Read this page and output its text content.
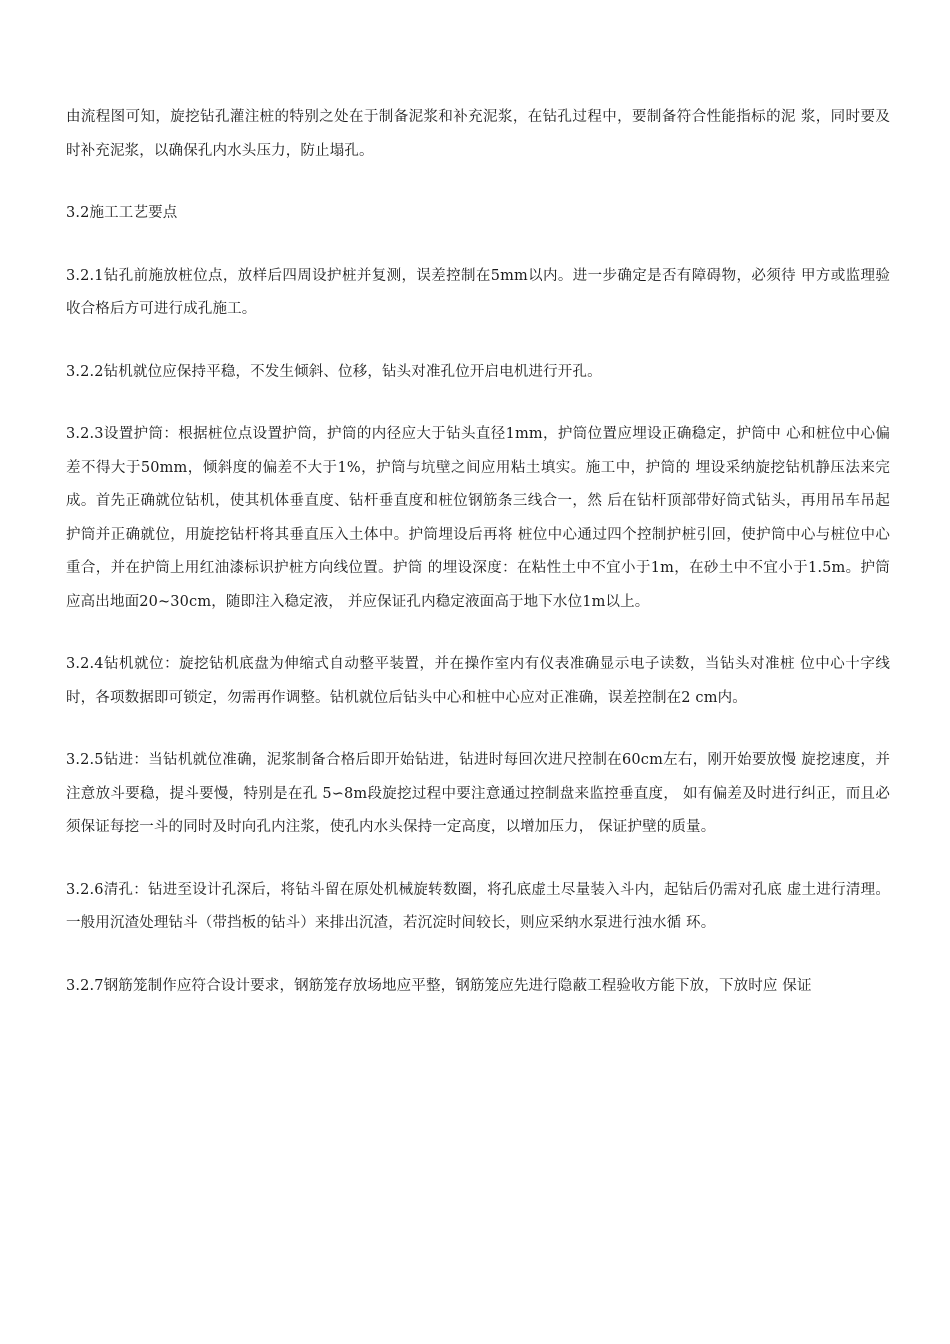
由流程图可知，旋挖钻孔灌注桩的特别之处在于制备泥浆和补充泥浆，在钻孔过程中，要制备符合性能指标的泥 浆，同时要及时补充泥浆，以确保孔内水头压力，防止塌孔。

3.2施工工艺要点

3.2.1钻孔前施放桩位点，放样后四周设护桩并复测，误差控制在5mm以内。进一步确定是否有障碍物，必须待 甲方或监理验收合格后方可进行成孔施工。

3.2.2钻机就位应保持平稳，不发生倾斜、位移，钻头对准孔位开启电机进行开孔。

3.2.3设置护筒：根据桩位点设置护筒，护筒的内径应大于钻头直径1mm，护筒位置应埋设正确稳定，护筒中 心和桩位中心偏差不得大于50mm，倾斜度的偏差不大于1%，护筒与坑壁之间应用粘土填实。施工中，护筒的 埋设采纳旋挖钻机静压法来完成。首先正确就位钻机，使其机体垂直度、钻杆垂直度和桩位钢筋条三线合一，然 后在钻杆顶部带好筒式钻头，再用吊车吊起护筒并正确就位，用旋挖钻杆将其垂直压入土体中。护筒埋设后再将 桩位中心通过四个控制护桩引回，使护筒中心与桩位中心重合，并在护筒上用红油漆标识护桩方向线位置。护筒 的埋设深度：在粘性土中不宜小于1m，在砂土中不宜小于1.5m。护筒应高出地面20~30cm，随即注入稳定液， 并应保证孔内稳定液面高于地下水位1m以上。

3.2.4钻机就位：旋挖钻机底盘为伸缩式自动整平装置，并在操作室内有仪表准确显示电子读数，当钻头对准桩 位中心十字线时，各项数据即可锁定，勿需再作调整。钻机就位后钻头中心和桩中心应对正准确，误差控制在2 cm内。

3.2.5钻进：当钻机就位准确，泥浆制备合格后即开始钻进，钻进时每回次进尺控制在60cm左右，刚开始要放慢 旋挖速度，并注意放斗要稳，提斗要慢，特别是在孔 5∽8m段旋挖过程中要注意通过控制盘来监控垂直度， 如有偏差及时进行纠正，而且必须保证每挖一斗的同时及时向孔内注浆，使孔内水头保持一定高度，以增加压力， 保证护壁的质量。

3.2.6清孔：钻进至设计孔深后，将钻斗留在原处机械旋转数圈，将孔底虚土尽量装入斗内，起钻后仍需对孔底 虚土进行清理。一般用沉渣处理钻斗（带挡板的钻斗）来排出沉渣，若沉淀时间较长，则应采纳水泵进行浊水循 环。

3.2.7钢筋笼制作应符合设计要求，钢筋笼存放场地应平整，钢筋笼应先进行隐蔽工程验收方能下放，下放时应 保证
